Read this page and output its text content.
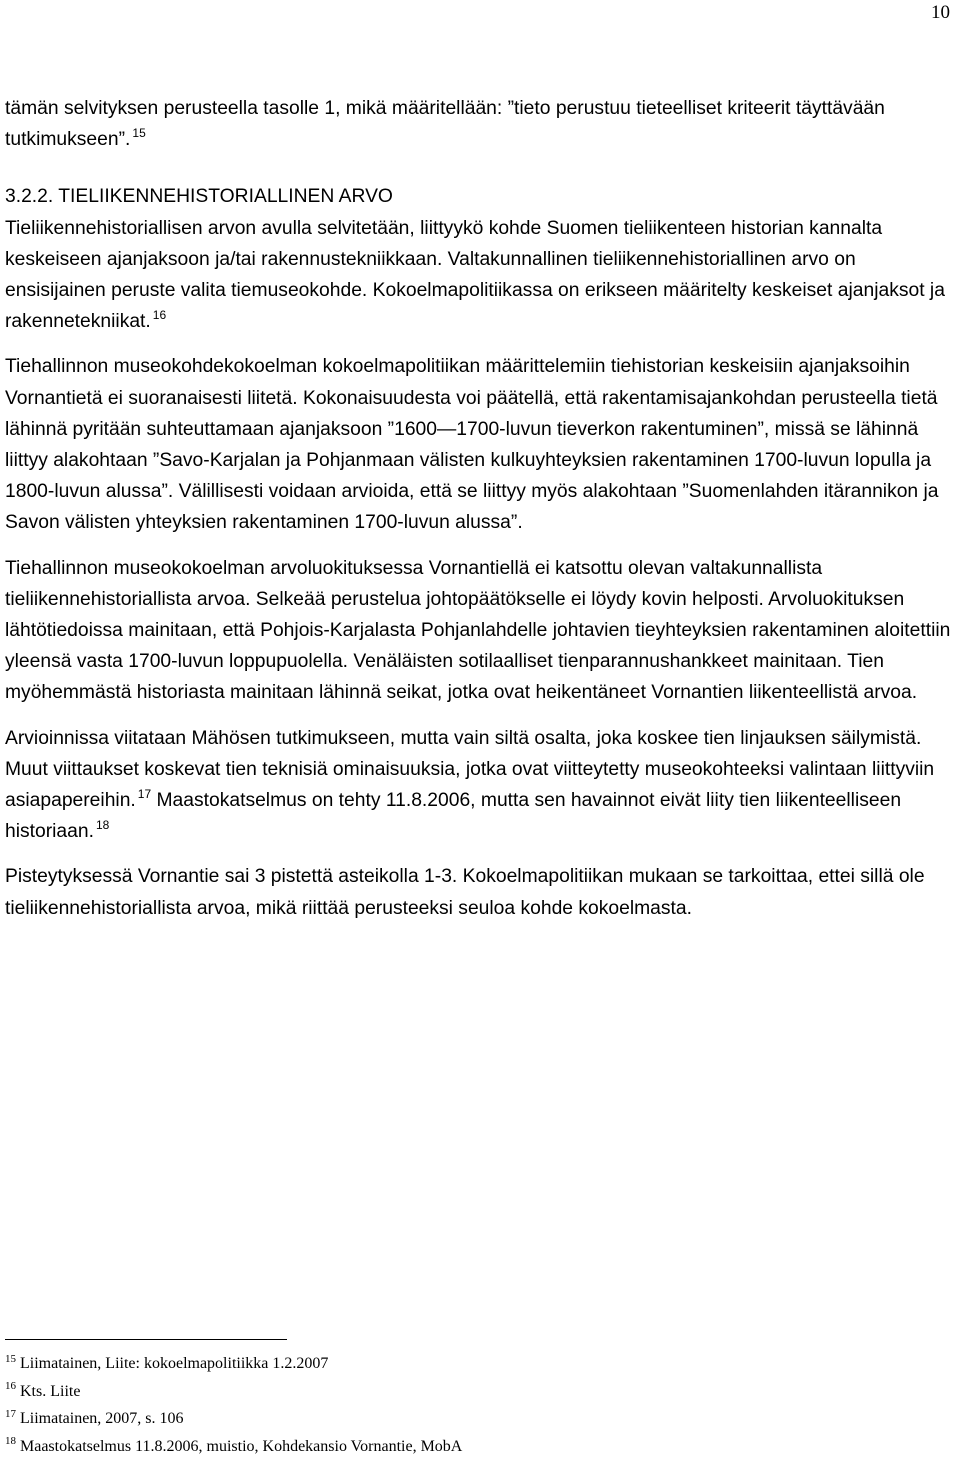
10

tämän selvityksen perusteella tasolle 1, mikä määritellään: ”tieto perustuu tieteelliset kriteerit täyttävään tutkimukseen”. $^{15}$

3.2.2. TIELIIKENNEHISTORIALLINEN ARVO
Tieliikennehistoriallisen arvon avulla selvitetään, liittyykö kohde Suomen tieliikenteen historian kannalta keskeiseen ajanjaksoon ja/tai rakennustekniikkaan. Valtakunnallinen tieliikennehistoriallinen arvo on ensisijainen peruste valita tiemuseokohde. Kokoelmapolitiikassa on erikseen määritelty keskeiset ajanjaksot ja rakennetekniikat. $^{16}$

Tiehallinnon museokohdekokoelman kokoelmapolitiikan määrittelemiin tiehistorian keskeisiin ajanjaksoihin Vornantietä ei suoranaisesti liitetä. Kokonaisuudesta voi päätellä, että rakentamisajankohdan perusteella tietä lähinnä pyritään suhteuttamaan ajanjaksoon ”1600—1700-luvun tieverkon rakentuminen”, missä se lähinnä liittyy alakohtaan ”Savo-Karjalan ja Pohjanmaan välisten kulkuyhteyksien rakentaminen 1700-luvun lopulla ja 1800-luvun alussa”. Välillisesti voidaan arvioida, että se liittyy myös alakohtaan ”Suomenlahden itärannikon ja Savon välisten yhteyksien rakentaminen 1700-luvun alussa”.

Tiehallinnon museokokoelman arvoluokituksessa Vornantiellä ei katsottu olevan valtakunnallista tieliikennehistoriallista arvoa. Selkeää perustelua johtopäätökselle ei löydy kovin helposti. Arvoluokituksen lähtötiedoissa mainitaan, että Pohjois-Karjalasta Pohjanlahdelle johtavien tieyhteyksien rakentaminen aloitettiin yleensä vasta 1700-luvun loppupuolella. Venäläisten sotilaalliset tienparannushankkeet mainitaan. Tien myöhemmästä historiasta mainitaan lähinnä seikat, jotka ovat heikentäneet Vornantien liikenteellistä arvoa.

Arvioinnissa viitataan Mähösen tutkimukseen, mutta vain siltä osalta, joka koskee tien linjauksen säilymistä. Muut viittaukset koskevat tien teknisiä ominaisuuksia, jotka ovat viitteytetty museokohteeksi valintaan liittyviin asiapapereihin. $^{17}$ Maastokatselmus on tehty 11.8.2006, mutta sen havainnot eivät liity tien liikenteelliseen historiaan. $^{18}$

Pisteytyksessä Vornantie sai 3 pistettä asteikolla 1-3. Kokoelmapolitiikan mukaan se tarkoittaa, ettei sillä ole tieliikennehistoriallista arvoa, mikä riittää perusteeksi seuloa kohde kokoelmasta.

$^{15}$ Liimatainen, Liite: kokoelmapolitiikka 1.2.2007
$^{16}$ Kts. Liite
$^{17}$ Liimatainen, 2007, s. 106
$^{18}$ Maastokatselmus 11.8.2006, muistio, Kohdekansio Vornantie, MobA
